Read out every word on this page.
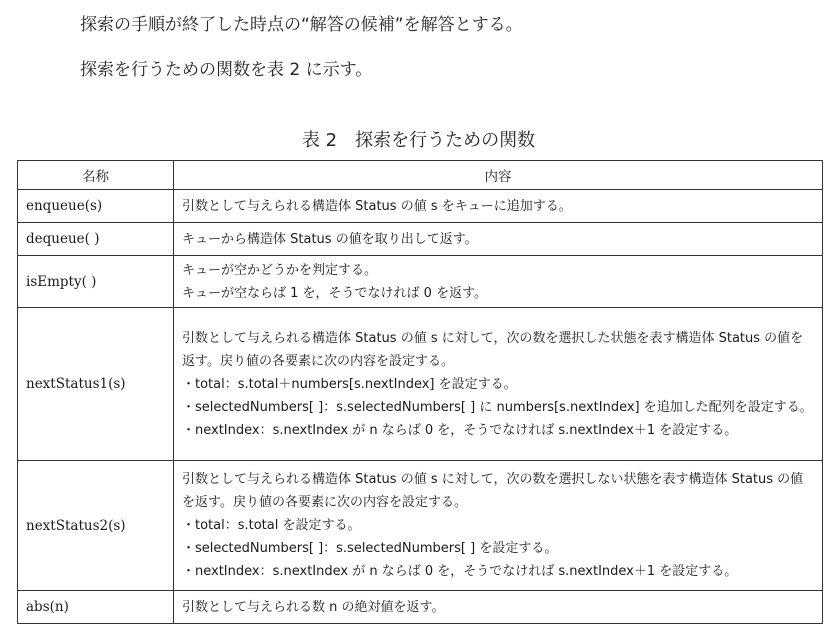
探索の手順が終了した時点の“解答の候補”を解答とする。
探索を行うための関数を表 2 に示す。
表 2　探索を行うための関数
名称	内容
enqueue(s)	引数として与えられる構造体 Status の値 s をキューに追加する。

dequeue( )	キューから構造体 Status の値を取り出して返す。

isEmpty( )	キューが空かどうかを判定する。
キューが空ならば 1 を，そうでなければ 0 を返す。

nextStatus1(s)	引数として与えられる構造体 Status の値 s に対して，次の数を選択した状態を表す構造体 Status の値を返す。戻り値の各要素に次の内容を設定する。
・total：s.total＋numbers[s.nextIndex] を設定する。
・selectedNumbers[ ]：s.selectedNumbers[ ] に numbers[s.nextIndex] を追加した配列を設定する。
・nextIndex：s.nextIndex が n ならば 0 を，そうでなければ s.nextIndex＋1 を設定する。

nextStatus2(s)	引数として与えられる構造体 Status の値 s に対して，次の数を選択しない状態を表す構造体 Status の値を返す。戻り値の各要素に次の内容を設定する。
・total：s.total を設定する。
・selectedNumbers[ ]：s.selectedNumbers[ ] を設定する。
・nextIndex：s.nextIndex が n ならば 0 を，そうでなければ s.nextIndex＋1 を設定する。

abs(n)	引数として与えられる数 n の絶対値を返す。
